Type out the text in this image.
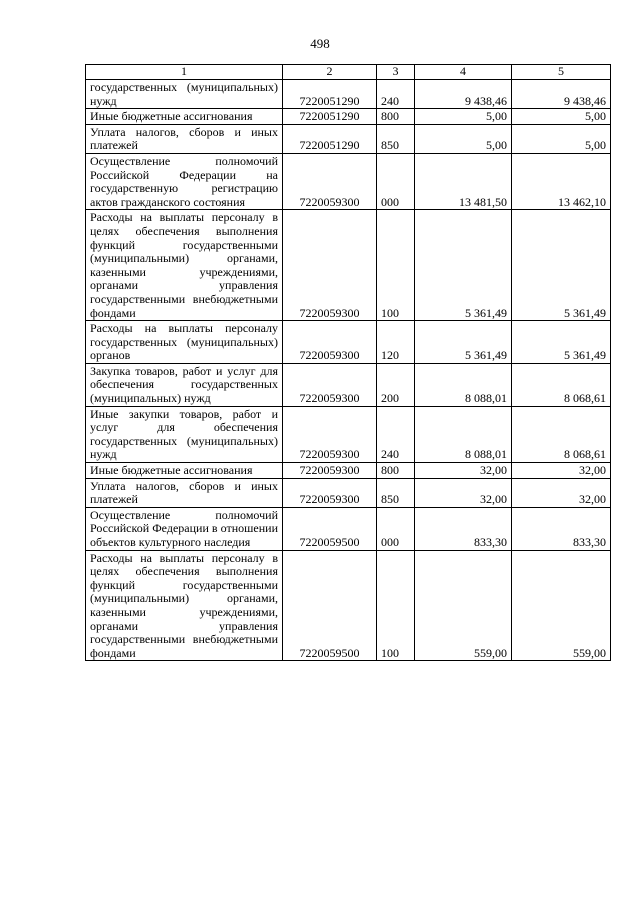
498
1	2	3	4	5
государственных (муниципальных) нужд	7220051290	240	9 438,46	9 438,46
Иные бюджетные ассигнования	7220051290	800	5,00	5,00
Уплата налогов, сборов и иных платежей	7220051290	850	5,00	5,00
Осуществление полномочий Российской Федерации на государственную регистрацию актов гражданского состояния	7220059300	000	13 481,50	13 462,10
Расходы на выплаты персоналу в целях обеспечения выполнения функций государственными (муниципальными) органами, казенными учреждениями, органами управления государственными внебюджетными фондами	7220059300	100	5 361,49	5 361,49
Расходы на выплаты персоналу государственных (муниципальных) органов	7220059300	120	5 361,49	5 361,49
Закупка товаров, работ и услуг для обеспечения государственных (муниципальных) нужд	7220059300	200	8 088,01	8 068,61
Иные закупки товаров, работ и услуг для обеспечения государственных (муниципальных) нужд	7220059300	240	8 088,01	8 068,61
Иные бюджетные ассигнования	7220059300	800	32,00	32,00
Уплата налогов, сборов и иных платежей	7220059300	850	32,00	32,00
Осуществление полномочий Российской Федерации в отношении объектов культурного наследия	7220059500	000	833,30	833,30
Расходы на выплаты персоналу в целях обеспечения выполнения функций государственными (муниципальными) органами, казенными учреждениями, органами управления государственными внебюджетными фондами	7220059500	100	559,00	559,00
